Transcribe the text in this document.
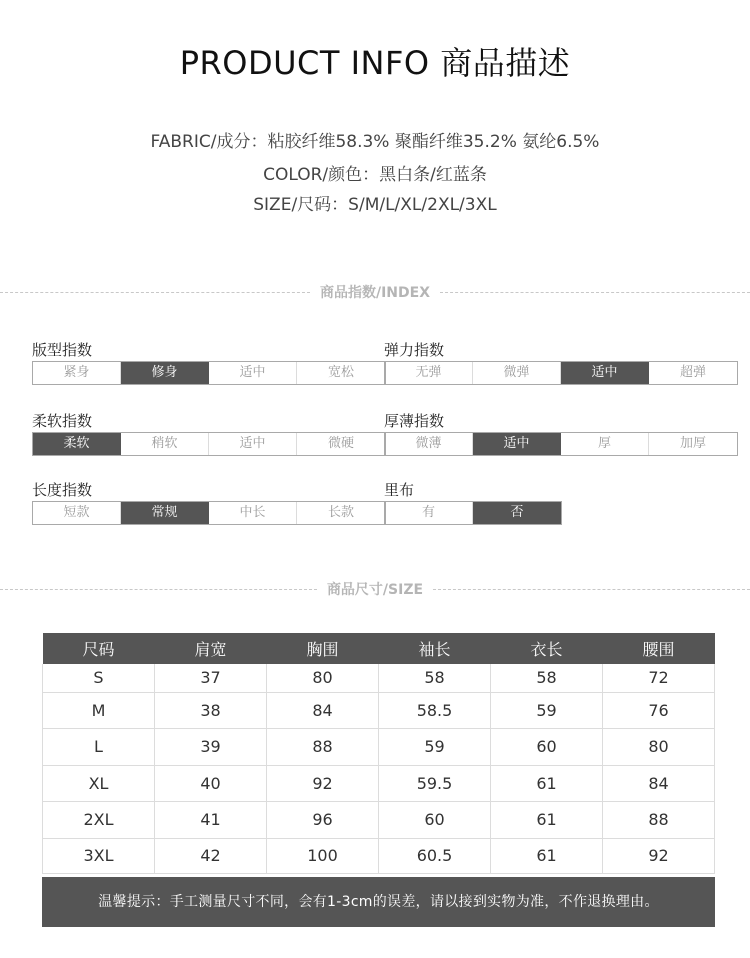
PRODUCT INFO 商品描述
FABRIC/成分：粘胶纤维58.3% 聚酯纤维35.2% 氨纶6.5%
COLOR/颜色：黑白条/红蓝条
SIZE/尺码：S/M/L/XL/2XL/3XL
商品指数/INDEX
版型指数
紧身	修身	适中	宽松
弹力指数
无弹	微弹	适中	超弹
柔软指数
柔软	稍软	适中	微硬
厚薄指数
微薄	适中	厚	加厚
长度指数
短款	常规	中长	长款
里布
有	否
商品尺寸/SIZE
尺码	肩宽	胸围	袖长	衣长	腰围
S	37	80	58	58	72
M	38	84	58.5	59	76
L	39	88	59	60	80
XL	40	92	59.5	61	84
2XL	41	96	60	61	88
3XL	42	100	60.5	61	92
温馨提示：手工测量尺寸不同，会有1-3cm的误差，请以接到实物为准，不作退换理由。
